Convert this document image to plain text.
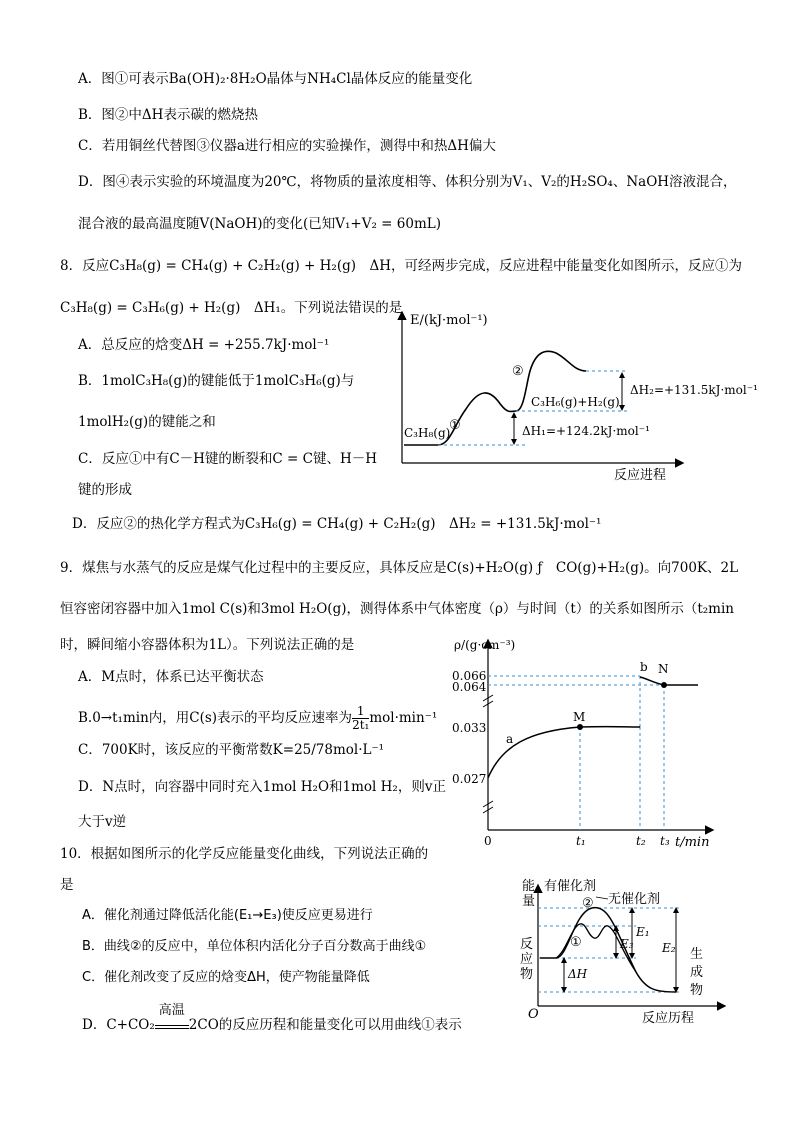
A．图①可表示Ba(OH)₂·8H₂O晶体与NH₄Cl晶体反应的能量变化
B．图②中ΔH表示碳的燃烧热
C．若用铜丝代替图③仪器a进行相应的实验操作，测得中和热ΔH偏大
D．图④表示实验的环境温度为20℃，将物质的量浓度相等、体积分别为V₁、V₂的H₂SO₄、NaOH溶液混合，
混合液的最高温度随V(NaOH)的变化(已知V₁+V₂ = 60mL)
8．反应C₃H₈(g) = CH₄(g) + C₂H₂(g) + H₂(g)　ΔH，可经两步完成，反应进程中能量变化如图所示，反应①为
C₃H₈(g) = C₃H₆(g) + H₂(g)　ΔH₁。下列说法错误的是
A．总反应的焓变ΔH = +255.7kJ·mol⁻¹
B．1molC₃H₈(g)的键能低于1molC₃H₆(g)与
1molH₂(g)的键能之和
C．反应①中有C－H键的断裂和C = C键、H－H
键的形成
D．反应②的热化学方程式为C₃H₆(g) = CH₄(g) + C₂H₂(g)　ΔH₂ = +131.5kJ·mol⁻¹
E/(kJ·mol⁻¹)
反应进程
C₃H₈(g)
C₃H₆(g)+H₂(g)
①
②
ΔH₁=+124.2kJ·mol⁻¹
ΔH₂=+131.5kJ·mol⁻¹
9．煤焦与水蒸气的反应是煤气化过程中的主要反应，具体反应是C(s)+H₂O(g) ƒ　CO(g)+H₂(g)。向700K、2L
恒容密闭容器中加入1mol C(s)和3mol H₂O(g)，测得体系中气体密度（ρ）与时间（t）的关系如图所示（t₂min
时，瞬间缩小容器体积为1L）。下列说法正确的是
A．M点时，体系已达平衡状态
B.0→t₁min内，用C(s)表示的平均反应速率为 $\frac{1}{\text{2t₁}} mol\cdot\min^{-1}$
C．700K时，该反应的平衡常数K=25/78mol·L⁻¹
D．N点时，向容器中同时充入1mol H₂O和1mol H₂，则v正
大于v逆
ρ/(g·cm⁻³)
t/min
0.066
0.064
0.033
0.027
0	t₁	t₂ t₃
a
b
M
N
10．根据如图所示的化学反应能量变化曲线，下列说法正确的
是
A．催化剂通过降低活化能(E₁→E₃)使反应更易进行
B．曲线②的反应中，单位体积内活化分子百分数高于曲线①
C．催化剂改变了反应的焓变ΔH，使产物能量降低
D．C+CO₂
高温
2CO的反应历程和能量变化可以用曲线①表示
能
量
有催化剂
无催化剂
反
应
物
生
成
物
O	反应历程
①
②
E₁
E₃
ΔH
E₂
